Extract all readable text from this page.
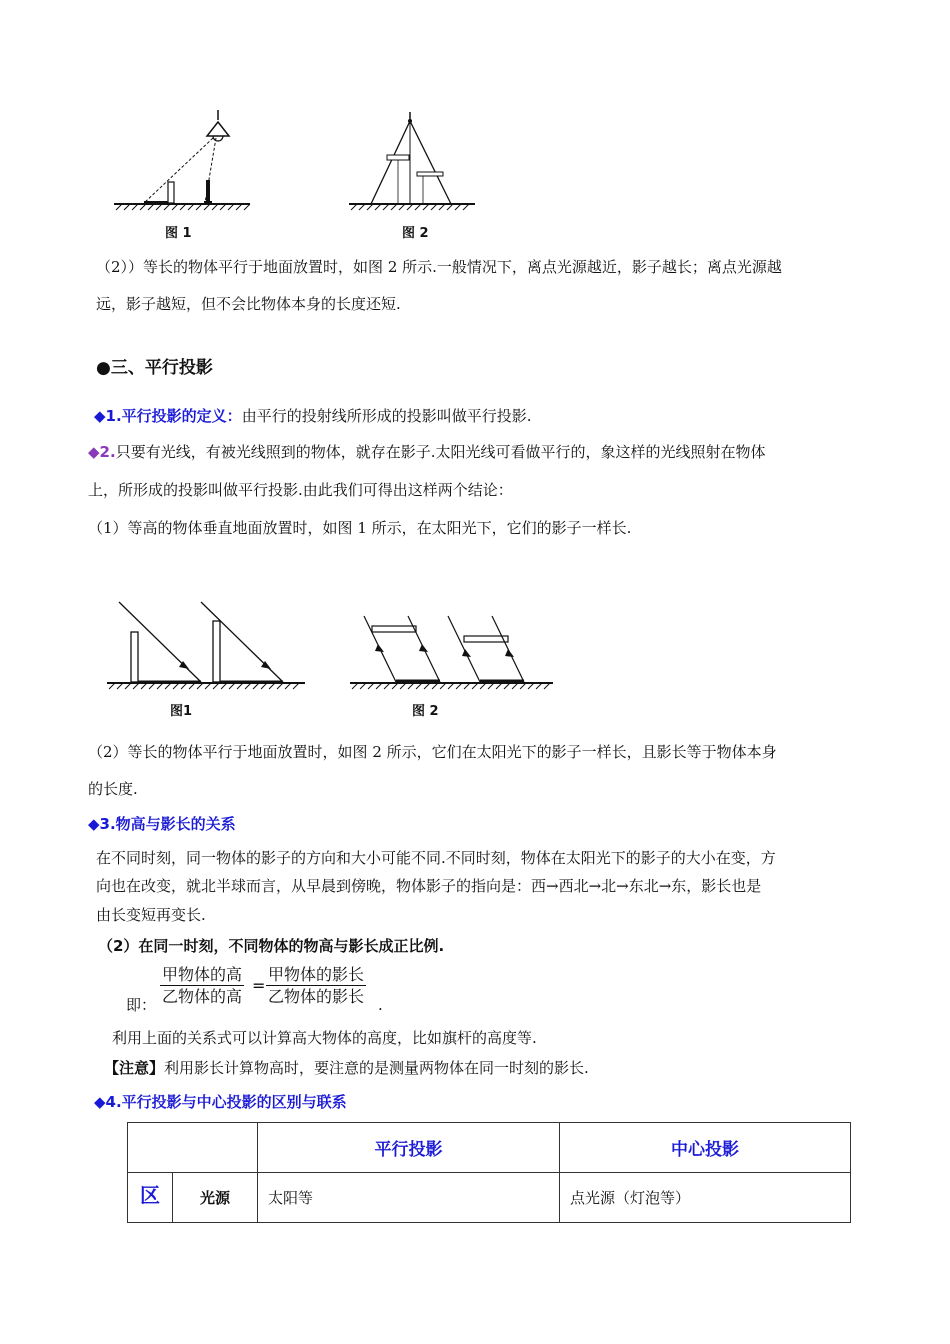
图 1	图 2
（2））等长的物体平行于地面放置时，如图 2 所示.一般情况下，离点光源越近，影子越长；离点光源越
远，影子越短，但不会比物体本身的长度还短.
●三、平行投影
◆1.平行投影的定义：由平行的投射线所形成的投影叫做平行投影.
◆2.只要有光线，有被光线照到的物体，就存在影子.太阳光线可看做平行的，象这样的光线照射在物体
上，所形成的投影叫做平行投影.由此我们可得出这样两个结论：
（1）等高的物体垂直地面放置时，如图 1 所示，在太阳光下，它们的影子一样长.
图1	图 2
（2）等长的物体平行于地面放置时，如图 2 所示，它们在太阳光下的影子一样长，且影长等于物体本身
的长度.
◆3.物高与影长的关系
在不同时刻，同一物体的影子的方向和大小可能不同.不同时刻，物体在太阳光下的影子的大小在变，方
向也在改变，就北半球而言，从早晨到傍晚，物体影子的指向是：西→西北→北→东北→东，影长也是
由长变短再变长.
（2）在同一时刻，不同物体的物高与影长成正比例.
即：
甲物体的高
乙物体的高
=
甲物体的影长
乙物体的影长 .
利用上面的关系式可以计算高大物体的高度，比如旗杆的高度等.
【注意】利用影长计算物高时，要注意的是测量两物体在同一时刻的影长.
◆4.平行投影与中心投影的区别与联系
		平行投影	中心投影
区	光源	太阳等	点光源（灯泡等）
